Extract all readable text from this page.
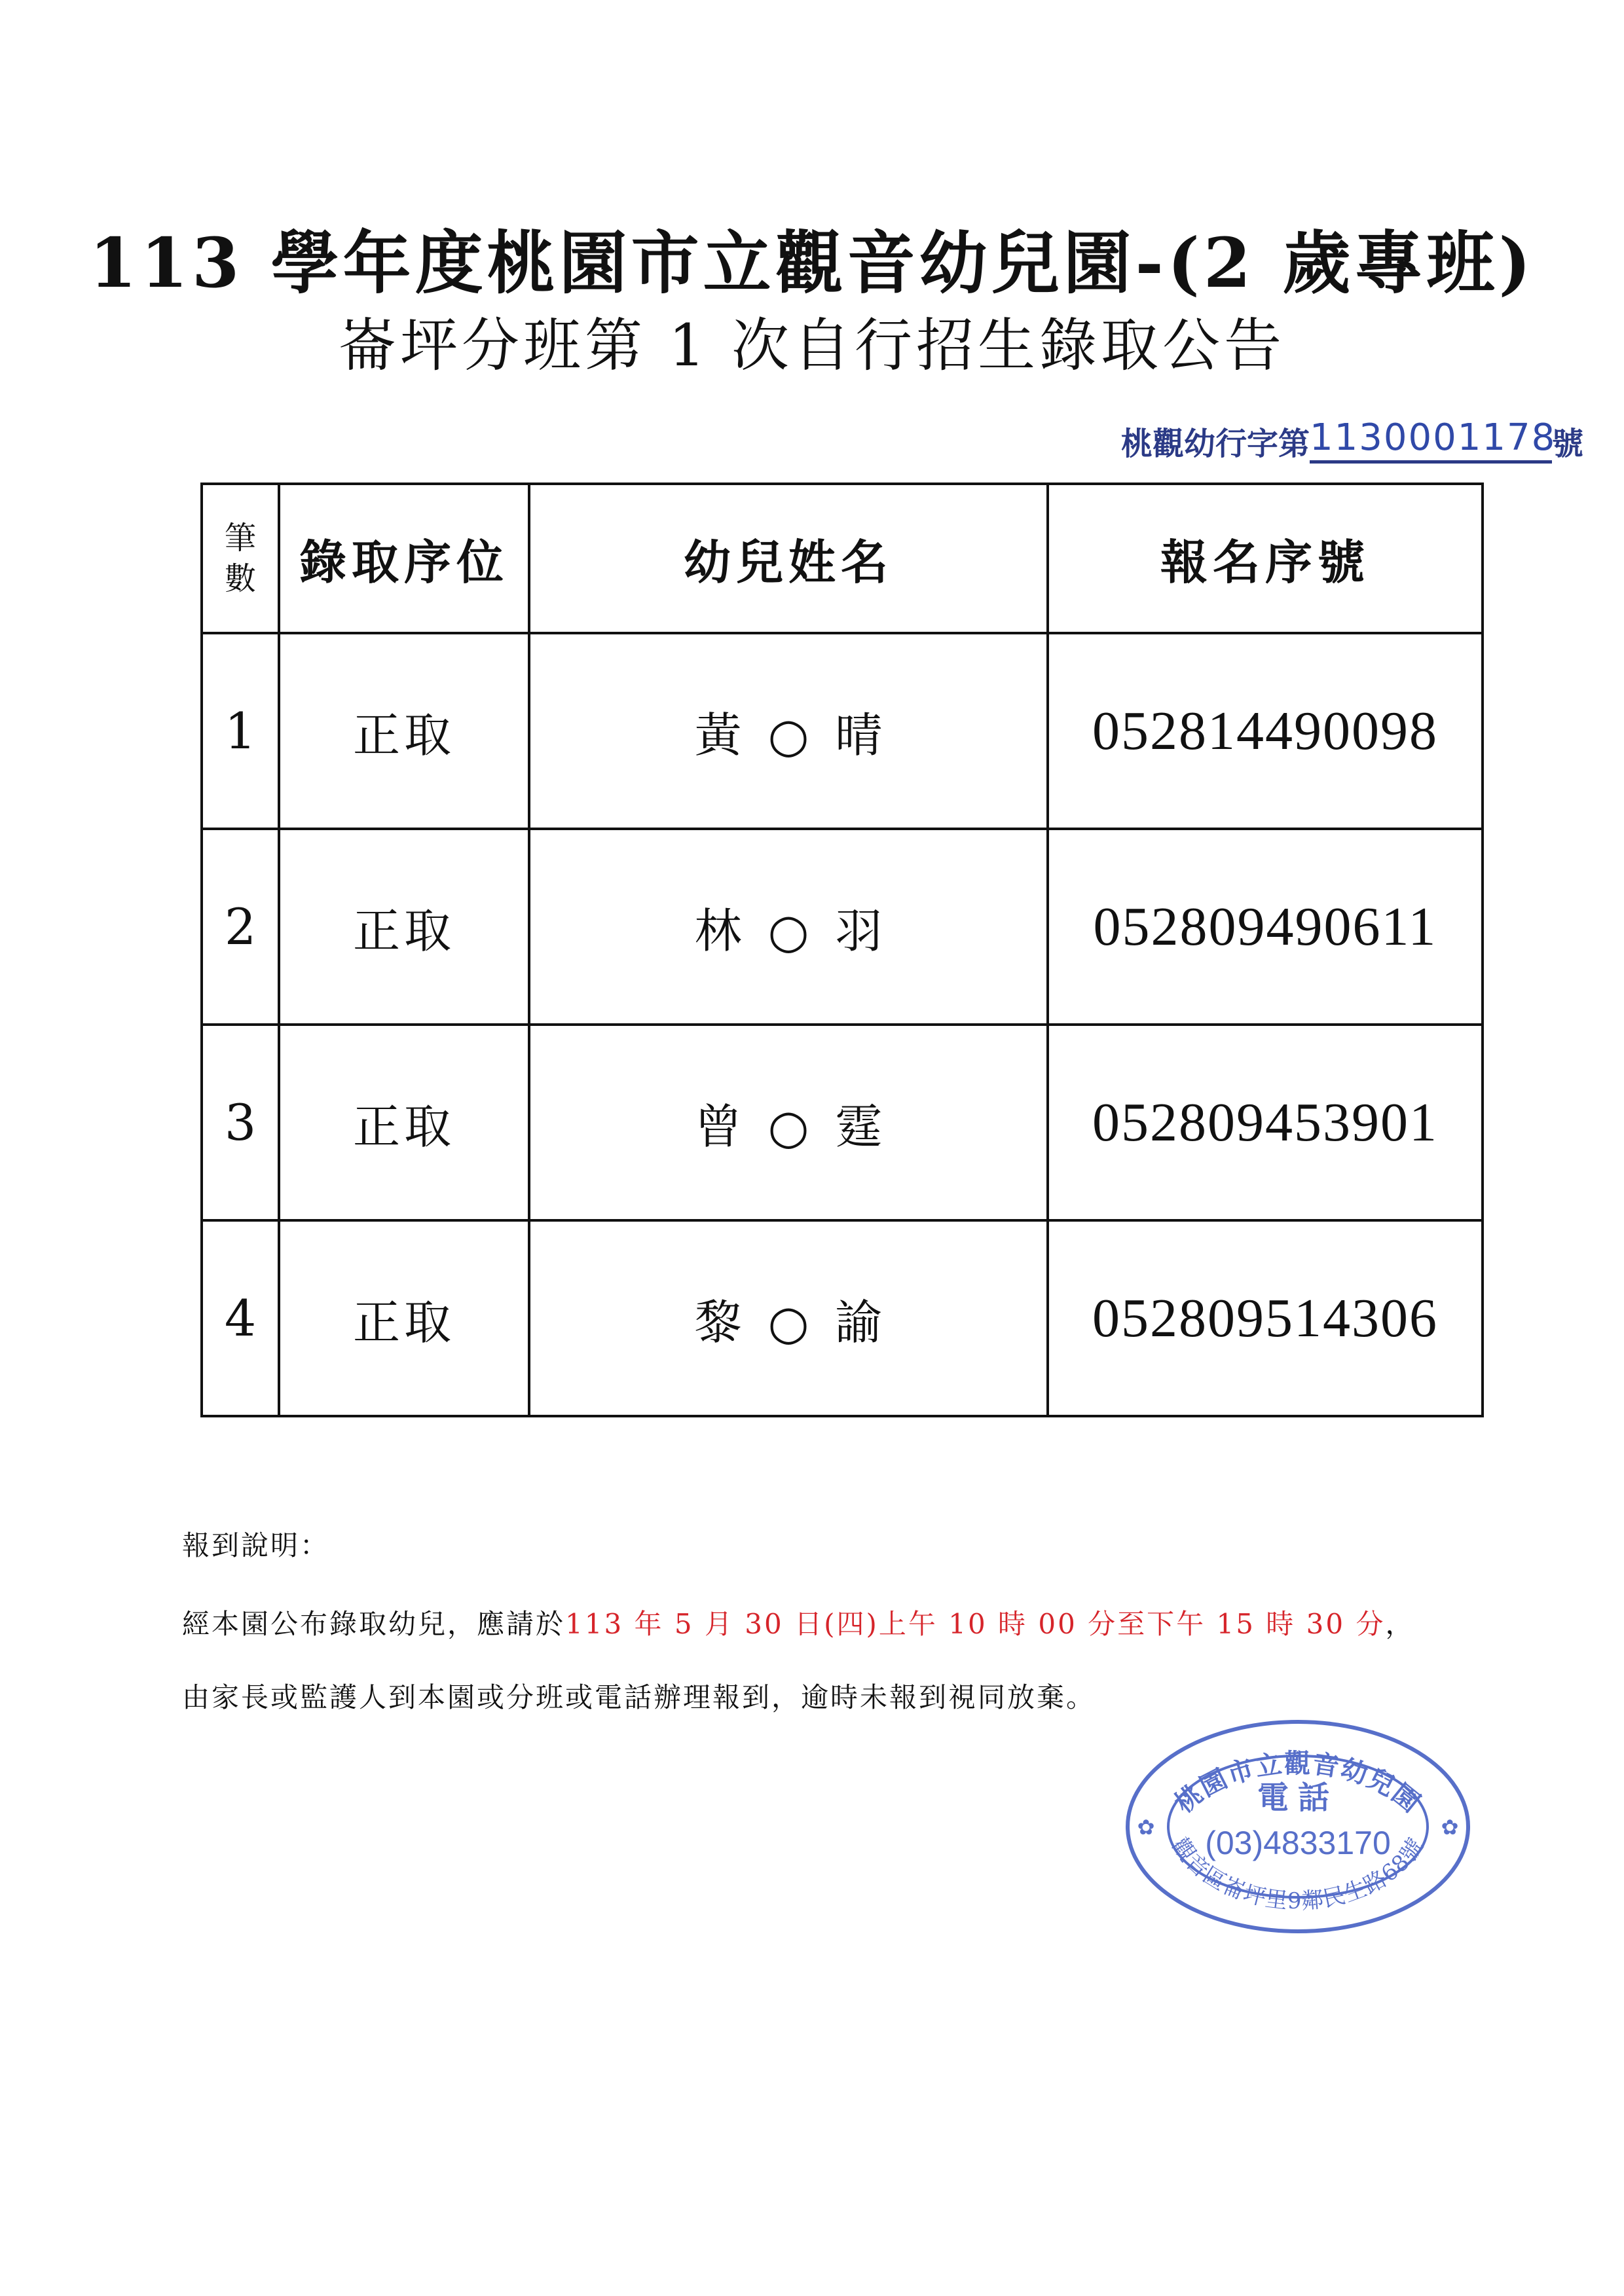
113 學年度桃園市立觀音幼兒園-(2 歲專班)
崙坪分班第 1 次自行招生錄取公告
桃觀幼行字第 1130001178
號
筆
數	錄取序位	幼兒姓名	報名序號
1	正取	黃 ○ 晴	052814490098
2	正取	林 ○ 羽	052809490611
3	正取	曾 ○ 霆	052809453901
4	正取	黎 ○ 諭	052809514306
報到說明：
經本園公布錄取幼兒，應請於113 年 5 月 30 日(四)上午 10 時 00 分至下午 15 時 30 分，
由家長或監護人到本園或分班或電話辦理報到，逾時未報到視同放棄。
桃園市立觀音幼兒園
觀音區崙坪里9鄰民生路68號
電話
(03)4833170
✿	✿
